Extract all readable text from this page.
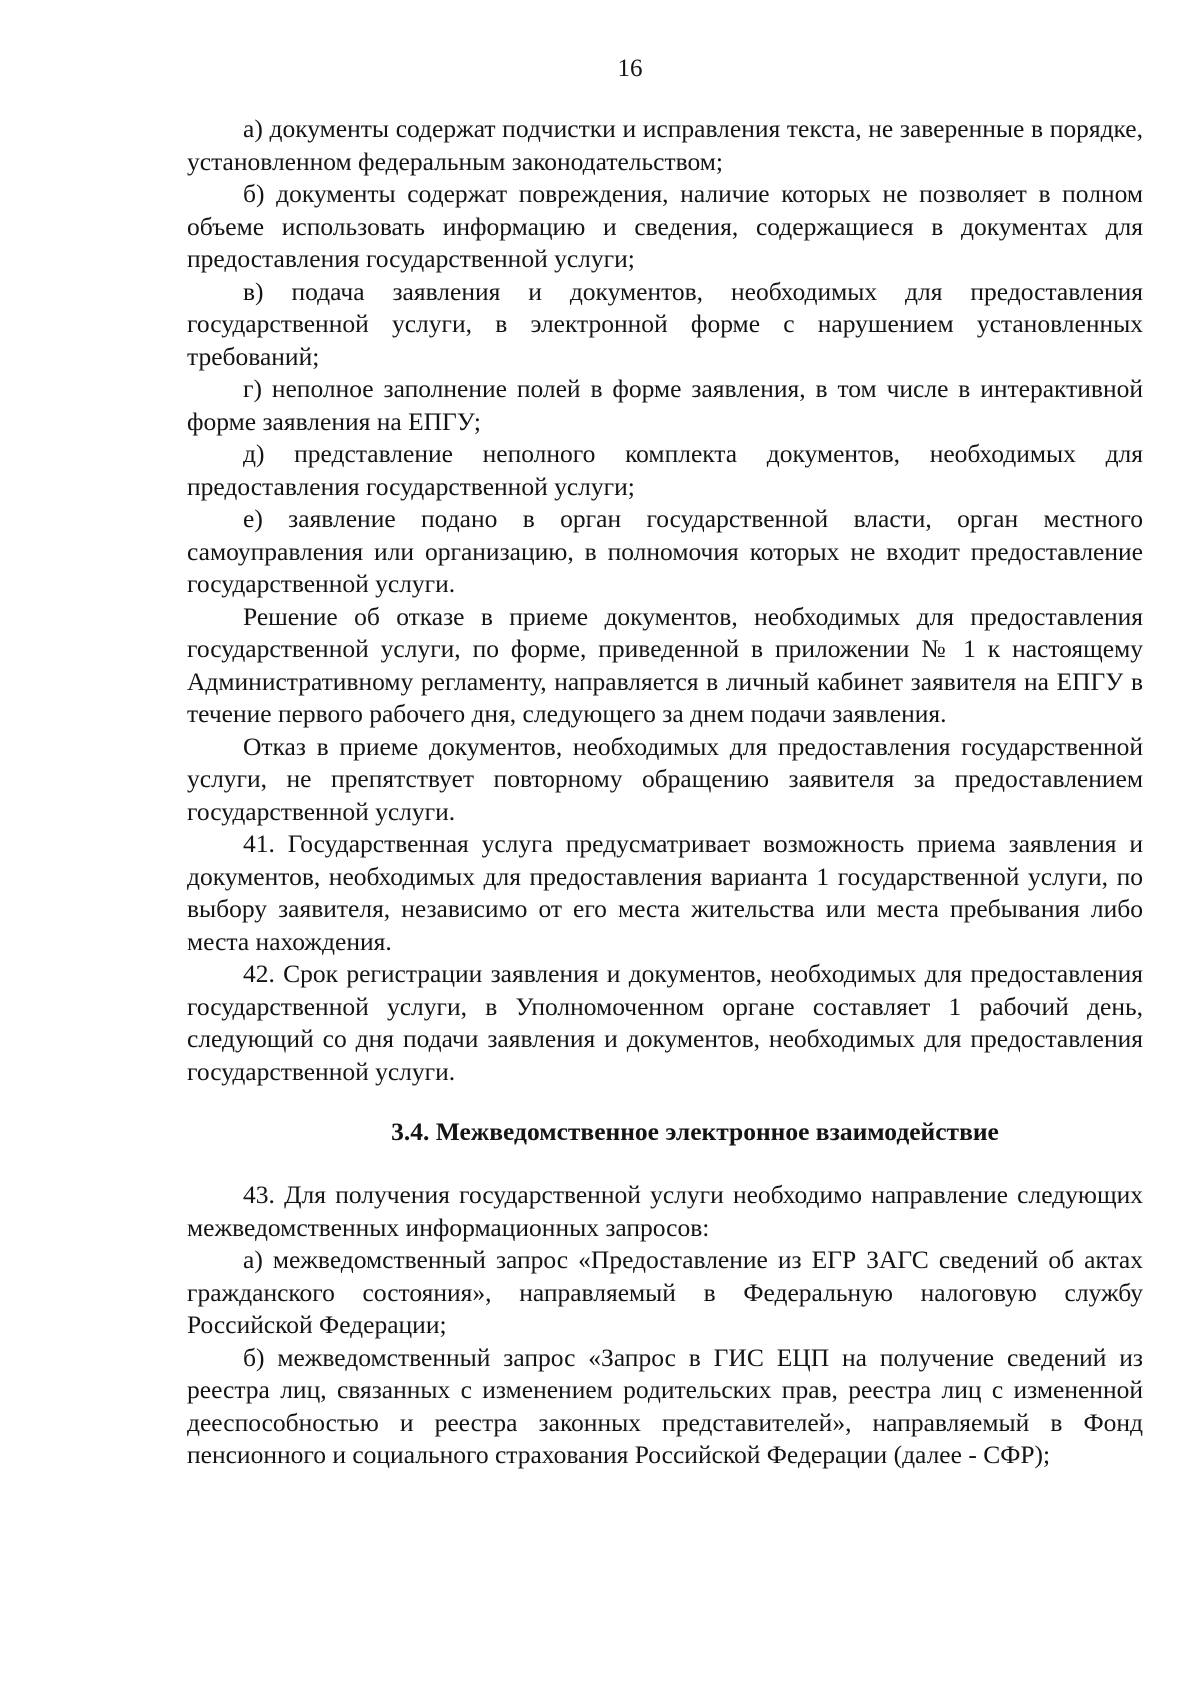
16

а) документы содержат подчистки и исправления текста, не заверенные в порядке, установленном федеральным законодательством;

б) документы содержат повреждения, наличие которых не позволяет в полном объеме использовать информацию и сведения, содержащиеся в документах для предоставления государственной услуги;

в) подача заявления и документов, необходимых для предоставления государственной услуги, в электронной форме с нарушением установленных требований;

г) неполное заполнение полей в форме заявления, в том числе в интерактивной форме заявления на ЕПГУ;

д) представление неполного комплекта документов, необходимых для предоставления государственной услуги;

е) заявление подано в орган государственной власти, орган местного самоуправления или организацию, в полномочия которых не входит предоставление государственной услуги.

Решение об отказе в приеме документов, необходимых для предоставления государственной услуги, по форме, приведенной в приложении № 1 к настоящему Административному регламенту, направляется в личный кабинет заявителя на ЕПГУ в течение первого рабочего дня, следующего за днем подачи заявления.

Отказ в приеме документов, необходимых для предоставления государственной услуги, не препятствует повторному обращению заявителя за предоставлением государственной услуги.

41. Государственная услуга предусматривает возможность приема заявления и документов, необходимых для предоставления варианта 1 государственной услуги, по выбору заявителя, независимо от его места жительства или места пребывания либо места нахождения.

42. Срок регистрации заявления и документов, необходимых для предоставления государственной услуги, в Уполномоченном органе составляет 1 рабочий день, следующий со дня подачи заявления и документов, необходимых для предоставления государственной услуги.

3.4. Межведомственное электронное взаимодействие

43. Для получения государственной услуги необходимо направление следующих межведомственных информационных запросов:

а) межведомственный запрос «Предоставление из ЕГР ЗАГС сведений об актах гражданского состояния», направляемый в Федеральную налоговую службу Российской Федерации;

б) межведомственный запрос «Запрос в ГИС ЕЦП на получение сведений из реестра лиц, связанных с изменением родительских прав, реестра лиц с измененной дееспособностью и реестра законных представителей», направляемый в Фонд пенсионного и социального страхования Российской Федерации (далее - СФР);
